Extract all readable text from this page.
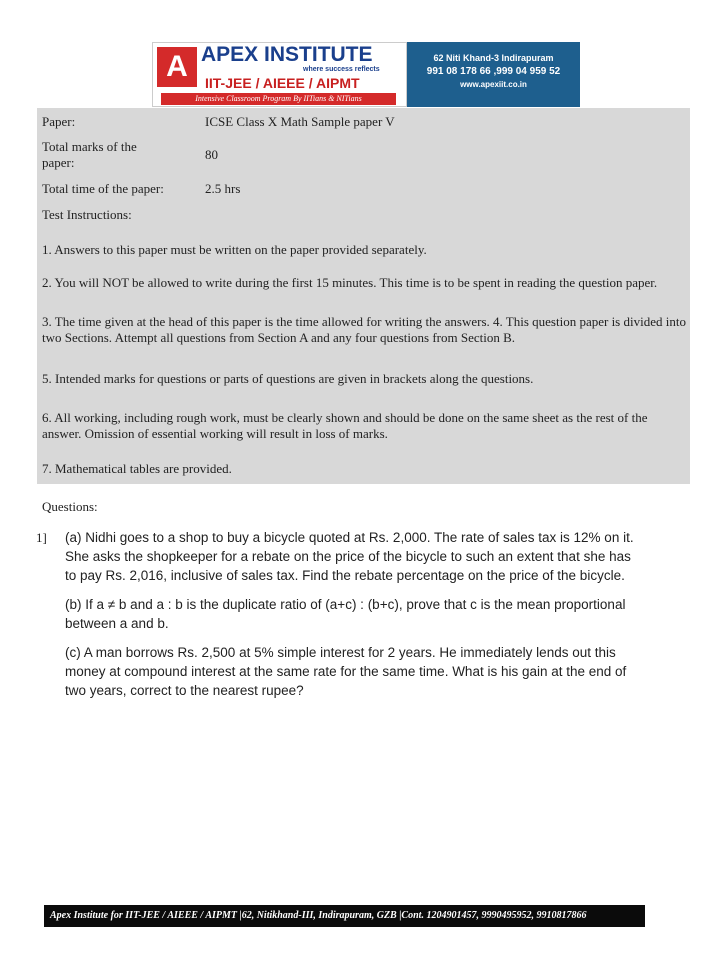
A APEX INSTITUTE
where success reflects
IIT-JEE / AIEEE / AIPMT
Intensive Classroom Program By IITians & NITians
62 Niti Khand-3 Indirapuram
991 08 178 66 ,999 04 959 52
www.apexiit.co.in
Paper:	ICSE Class X Math Sample paper V
Total marks of the paper:
80
Total time of the paper:	2.5 hrs
Test Instructions:
1. Answers to this paper must be written on the paper provided separately.
2. You will NOT be allowed to write during the first 15 minutes. This time is to be spent in reading the question paper.
3. The time given at the head of this paper is the time allowed for writing the answers. 4. This question paper is divided into two Sections. Attempt all questions from Section A and any four questions from Section B.
5. Intended marks for questions or parts of questions are given in brackets along the questions.
6. All working, including rough work, must be clearly shown and should be done on the same sheet as the rest of the answer. Omission of essential working will result in loss of marks.
7. Mathematical tables are provided.
Questions:
1] (a) Nidhi goes to a shop to buy a bicycle quoted at Rs. 2,000. The rate of sales tax is 12% on it. She asks the shopkeeper for a rebate on the price of the bicycle to such an extent that she has to pay Rs. 2,016, inclusive of sales tax. Find the rebate percentage on the price of the bicycle.

(b) If a ≠ b and a : b is the duplicate ratio of (a+c) : (b+c), prove that c is the mean proportional between a and b.

(c) A man borrows Rs. 2,500 at 5% simple interest for 2 years. He immediately lends out this money at compound interest at the same rate for the same time. What is his gain at the end of two years, correct to the nearest rupee?

Apex Institute for IIT-JEE / AIEEE / AIPMT |62, Nitikhand-III, Indirapuram, GZB |Cont. 1204901457, 9990495952, 9910817866
